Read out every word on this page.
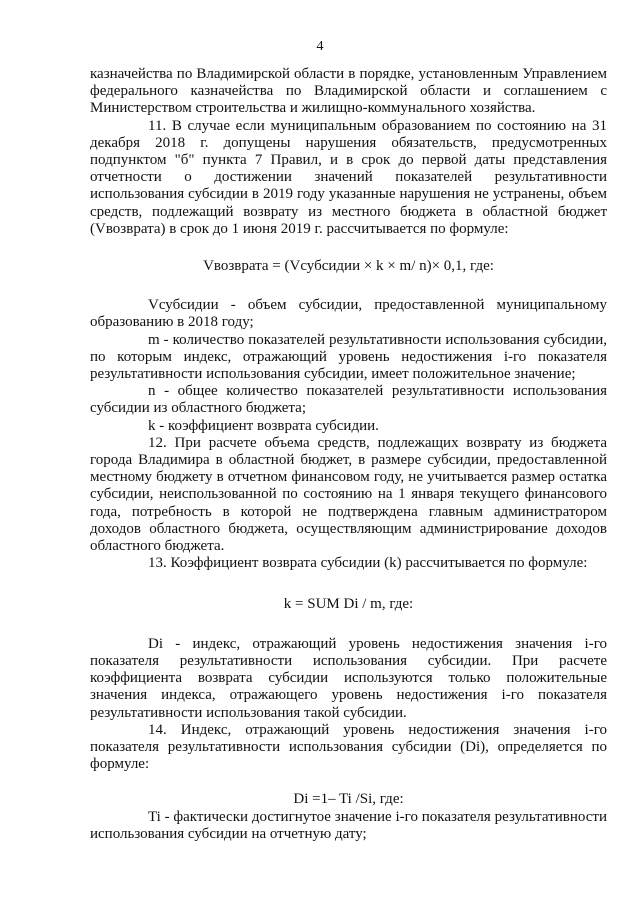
4

казначейства по Владимирской области в порядке, установленным Управлением федерального казначейства по Владимирской области и соглашением с Министерством строительства и жилищно-коммунального хозяйства.

11. В случае если муниципальным образованием по состоянию на 31 декабря 2018 г. допущены нарушения обязательств, предусмотренных подпунктом "б" пункта 7 Правил, и в срок до первой даты представления отчетности о достижении значений показателей результативности использования субсидии в 2019 году указанные нарушения не устранены, объем средств, подлежащий возврату из местного бюджета в областной бюджет (Vвозврата) в срок до 1 июня 2019 г. рассчитывается по формуле:

Vвозврата = (Vсубсидии × k × m/ n)× 0,1, где:

Vсубсидии - объем субсидии, предоставленной муниципальному образованию в 2018 году;

m - количество показателей результативности использования субсидии, по которым индекс, отражающий уровень недостижения i-го показателя результативности использования субсидии, имеет положительное значение;

n - общее количество показателей результативности использования субсидии из областного бюджета;

k - коэффициент возврата субсидии.

12. При расчете объема средств, подлежащих возврату из бюджета города Владимира в областной бюджет, в размере субсидии, предоставленной местному бюджету в отчетном финансовом году, не учитывается размер остатка субсидии, неиспользованной по состоянию на 1 января текущего финансового года, потребность в которой не подтверждена главным администратором доходов областного бюджета, осуществляющим администрирование доходов областного бюджета.

13. Коэффициент возврата субсидии (k) рассчитывается по формуле:

k = SUM Di / m, где:

Di - индекс, отражающий уровень недостижения значения i-го показателя результативности использования субсидии. При расчете коэффициента возврата субсидии используются только положительные значения индекса, отражающего уровень недостижения i-го показателя результативности использования такой субсидии.

14. Индекс, отражающий уровень недостижения значения i-го показателя результативности использования субсидии (Di), определяется по формуле:

Di =1– Ti /Si, где:

Ti - фактически достигнутое значение i-го показателя результативности использования субсидии на отчетную дату;
